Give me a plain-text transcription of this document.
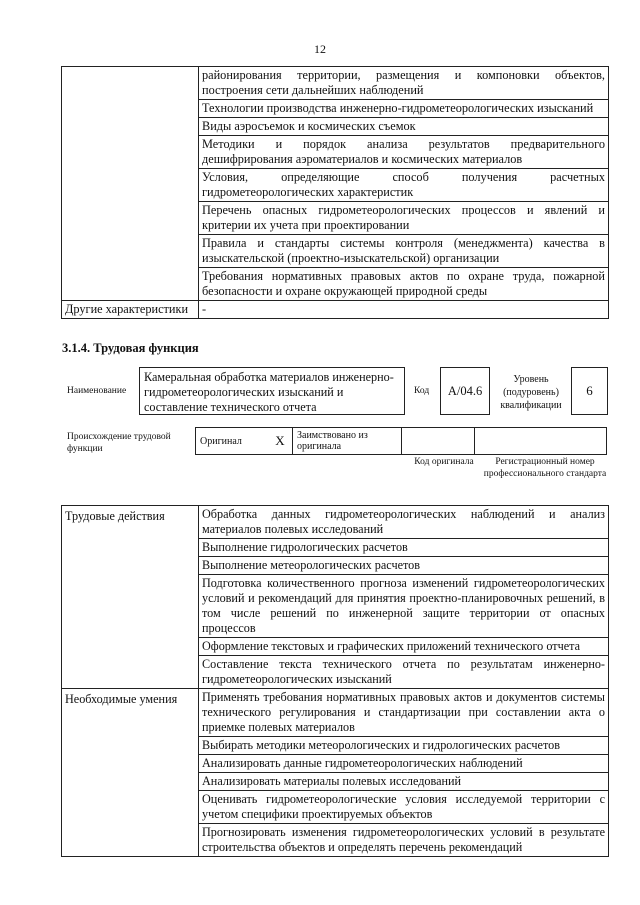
12
	районирования территории, размещения и компоновки объектов, построения сети дальнейших наблюдений
	Технологии производства инженерно-гидрометеорологических изысканий
	Виды аэросъемок и космических съемок
	Методики и порядок анализа результатов предварительного дешифрирования аэроматериалов и космических материалов
	Условия, определяющие способ получения расчетных гидрометеорологических характеристик
	Перечень опасных гидрометеорологических процессов и явлений и критерии их учета при проектировании
	Правила и стандарты системы контроля (менеджмента) качества в изыскательской (проектно-изыскательской) организации
	Требования нормативных правовых актов по охране труда, пожарной безопасности и охране окружающей природной среды
Другие характеристики	-
3.1.4. Трудовая функция
Наименование
Камеральная обработка материалов инженерно-гидрометеорологических изысканий и составление технического отчета
Код	A/04.6
Уровень (подуровень) квалификации
6
Происхождение трудовой функции
Оригинал	X	Заимствовано из оригинала		
Код оригинала	Регистрационный номер профессионального стандарта
Трудовые действия	Обработка данных гидрометеорологических наблюдений и анализ материалов полевых исследований
	Выполнение гидрологических расчетов
	Выполнение метеорологических расчетов
	Подготовка количественного прогноза изменений гидрометеорологических условий и рекомендаций для принятия проектно-планировочных решений, в том числе решений по инженерной защите территории от опасных процессов
	Оформление текстовых и графических приложений технического отчета
	Составление текста технического отчета по результатам инженерно-гидрометеорологических изысканий
Необходимые умения	Применять требования нормативных правовых актов и документов системы технического регулирования и стандартизации при составлении акта о приемке полевых материалов
	Выбирать методики метеорологических и гидрологических расчетов
	Анализировать данные гидрометеорологических наблюдений
	Анализировать материалы полевых исследований
	Оценивать гидрометеорологические условия исследуемой территории с учетом специфики проектируемых объектов
	Прогнозировать изменения гидрометеорологических условий в результате строительства объектов и определять перечень рекомендаций
